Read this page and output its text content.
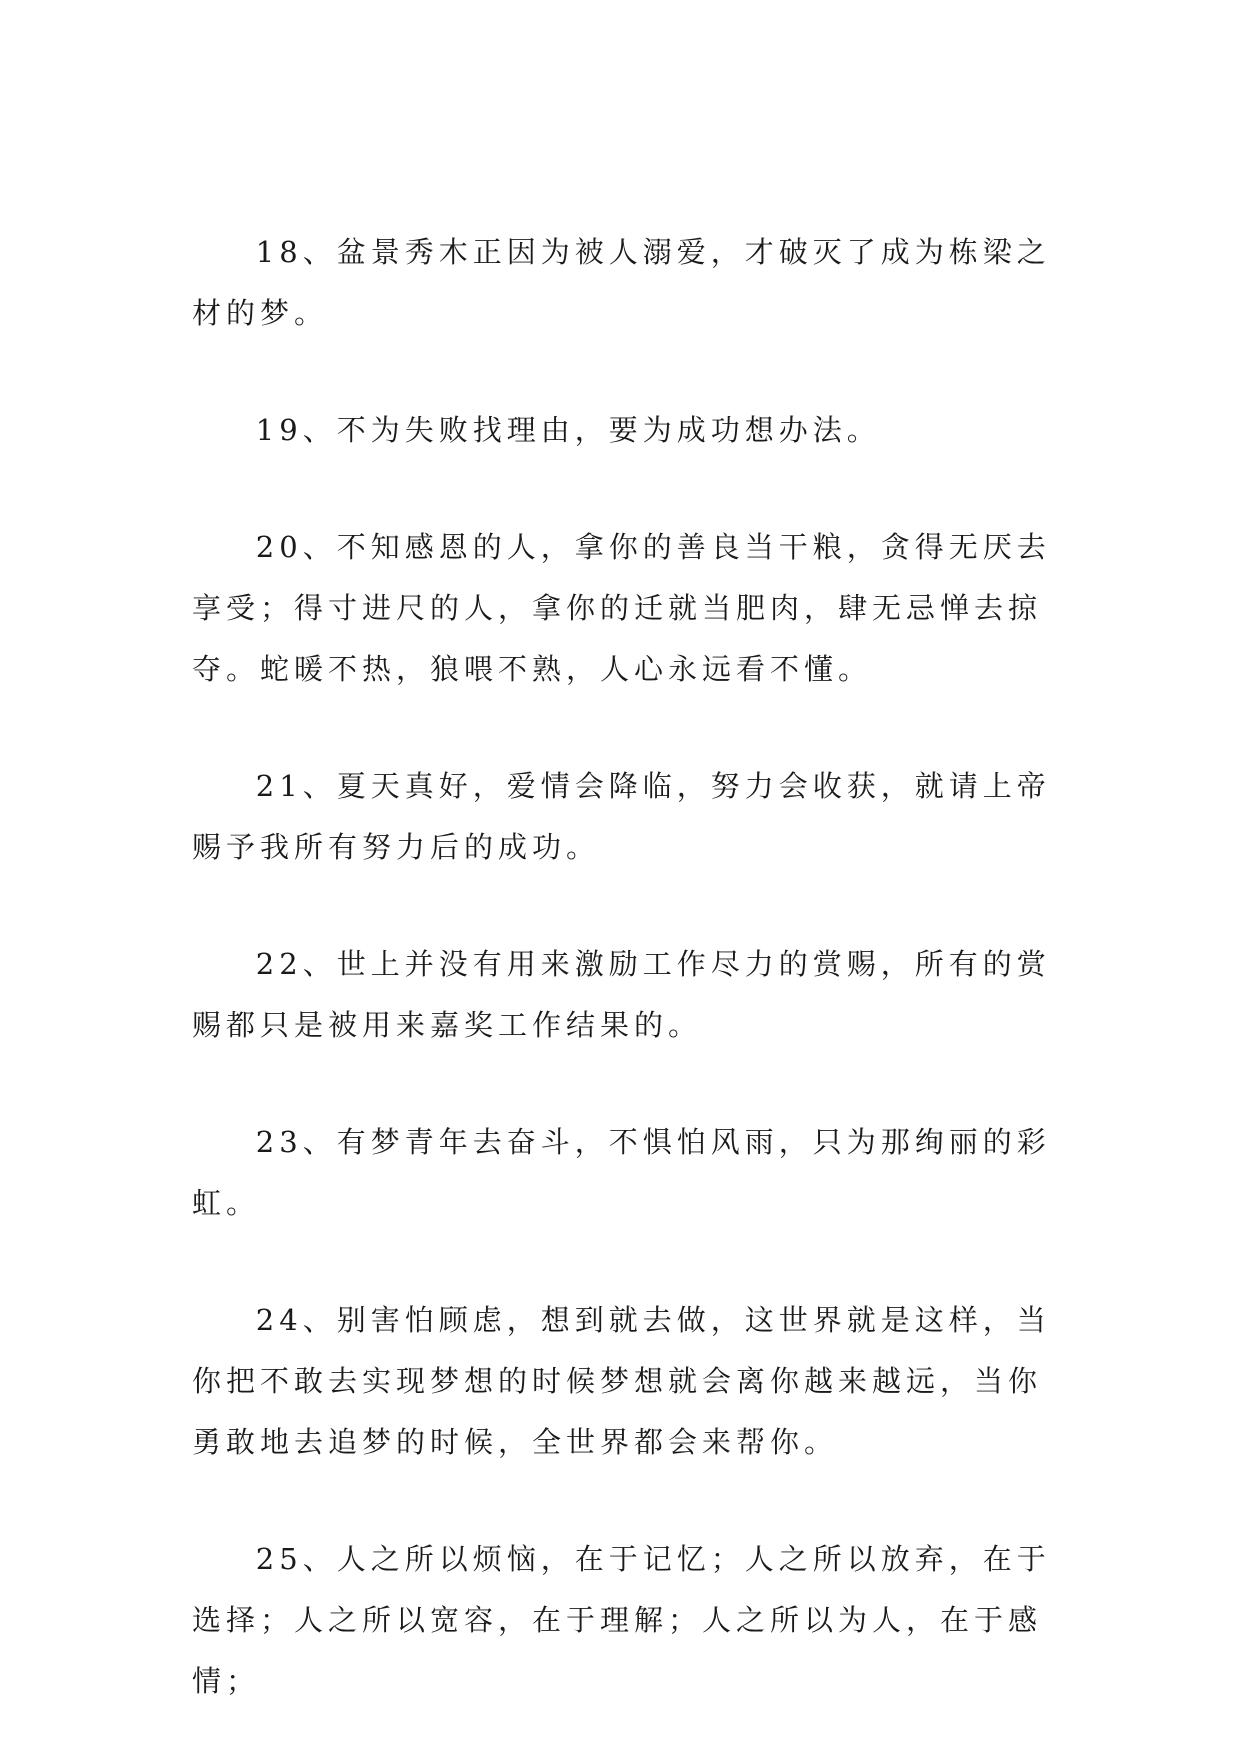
18、盆景秀木正因为被人溺爱，才破灭了成为栋梁之材的梦。

19、不为失败找理由，要为成功想办法。

20、不知感恩的人，拿你的善良当干粮，贪得无厌去享受；得寸进尺的人，拿你的迁就当肥肉，肆无忌惮去掠夺。蛇暖不热，狼喂不熟，人心永远看不懂。

21、夏天真好，爱情会降临，努力会收获，就请上帝赐予我所有努力后的成功。

22、世上并没有用来激励工作尽力的赏赐，所有的赏赐都只是被用来嘉奖工作结果的。

23、有梦青年去奋斗，不惧怕风雨，只为那绚丽的彩虹。

24、别害怕顾虑，想到就去做，这世界就是这样，当你把不敢去实现梦想的时候梦想就会离你越来越远，当你勇敢地去追梦的时候，全世界都会来帮你。

25、人之所以烦恼，在于记忆；人之所以放弃，在于选择；人之所以宽容，在于理解；人之所以为人，在于感情；
